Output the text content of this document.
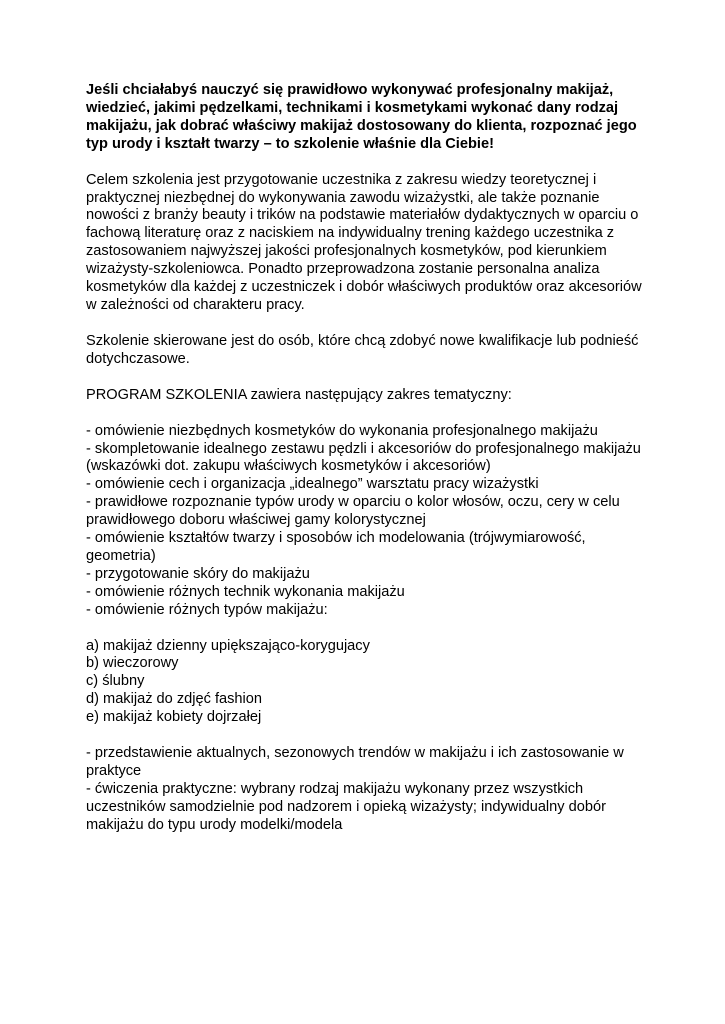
Jeśli chciałabyś nauczyć się prawidłowo wykonywać profesjonalny makijaż, wiedzieć, jakimi pędzelkami, technikami i kosmetykami wykonać dany rodzaj makijażu, jak dobrać właściwy makijaż dostosowany do klienta, rozpoznać jego typ urody i kształt twarzy – to szkolenie właśnie dla Ciebie!

Celem szkolenia jest przygotowanie uczestnika z zakresu wiedzy teoretycznej i praktycznej niezbędnej do wykonywania zawodu wizażystki, ale także poznanie nowości z branży beauty i trików na podstawie materiałów dydaktycznych w oparciu o fachową literaturę oraz z naciskiem na indywidualny trening każdego uczestnika z zastosowaniem najwyższej jakości profesjonalnych kosmetyków, pod kierunkiem wizażysty-szkoleniowca. Ponadto przeprowadzona zostanie personalna analiza kosmetyków dla każdej z uczestniczek i dobór właściwych produktów oraz akcesoriów w zależności od charakteru pracy.

Szkolenie skierowane jest do osób, które chcą zdobyć nowe kwalifikacje lub podnieść dotychczasowe.

PROGRAM SZKOLENIA zawiera następujący zakres tematyczny:

- omówienie niezbędnych kosmetyków do wykonania profesjonalnego makijażu
- skompletowanie idealnego zestawu pędzli i akcesoriów do profesjonalnego makijażu (wskazówki dot. zakupu właściwych kosmetyków i akcesoriów)
- omówienie cech i organizacja „idealnego” warsztatu pracy wizażystki
- prawidłowe rozpoznanie typów urody w oparciu o kolor włosów, oczu, cery w celu prawidłowego doboru właściwej gamy kolorystycznej
- omówienie kształtów twarzy i sposobów ich modelowania (trójwymiarowość, geometria)
- przygotowanie skóry do makijażu
- omówienie różnych technik wykonania makijażu
- omówienie różnych typów makijażu:
a) makijaż dzienny upiększająco-korygujacy
b) wieczorowy
c) ślubny
d) makijaż do zdjęć fashion
e) makijaż kobiety dojrzałej
- przedstawienie aktualnych, sezonowych trendów w makijażu i ich zastosowanie w praktyce
- ćwiczenia praktyczne: wybrany rodzaj makijażu wykonany przez wszystkich uczestników samodzielnie pod nadzorem i opieką wizażysty; indywidualny dobór makijażu do typu urody modelki/modela
